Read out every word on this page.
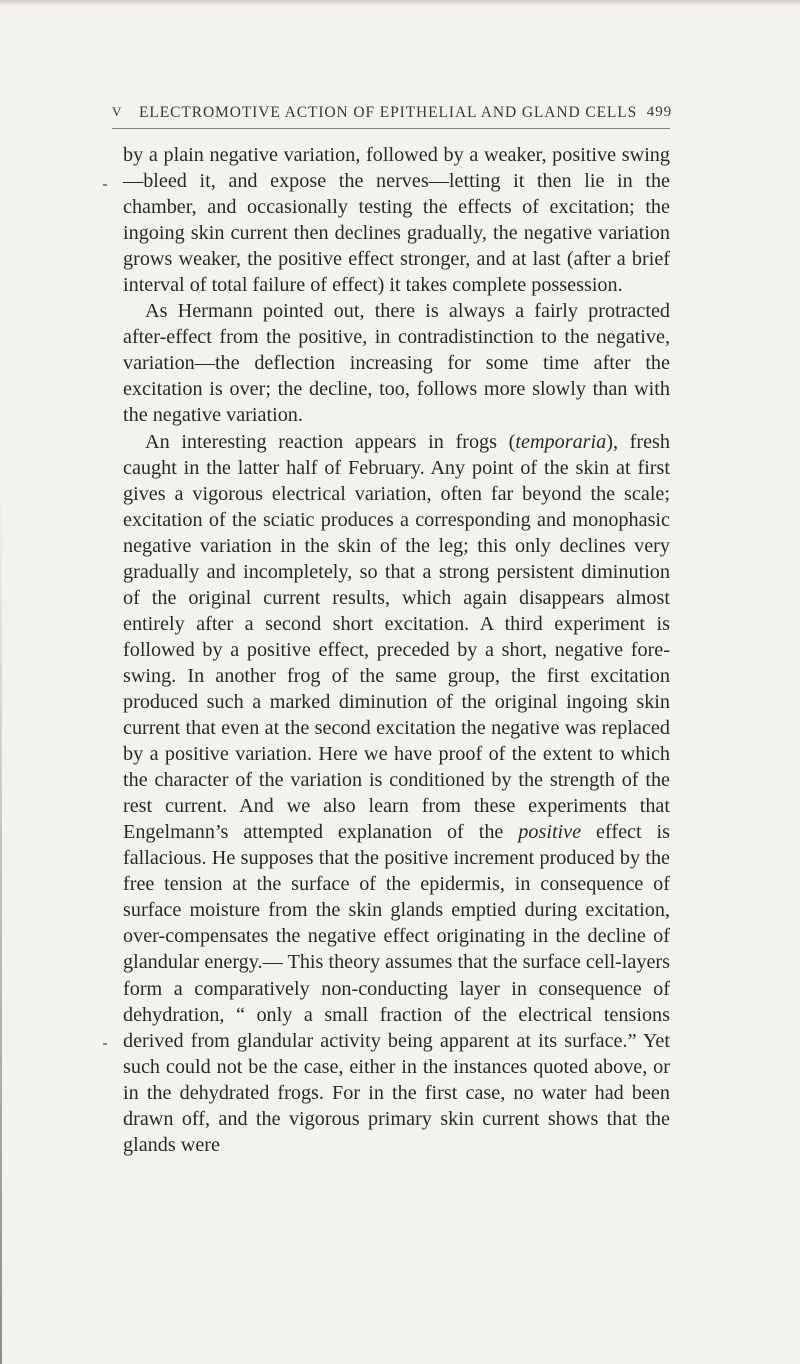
V ELECTROMOTIVE ACTION OF EPITHELIAL AND GLAND CELLS 499

by a plain negative variation, followed by a weaker, positive swing—bleed it, and expose the nerves—letting it then lie in the chamber, and occasionally testing the effects of excitation; the ingoing skin current then declines gradually, the negative variation grows weaker, the positive effect stronger, and at last (after a brief interval of total failure of effect) it takes complete possession.

As Hermann pointed out, there is always a fairly protracted after-effect from the positive, in contradistinction to the negative, variation—the deflection increasing for some time after the excitation is over; the decline, too, follows more slowly than with the negative variation.

An interesting reaction appears in frogs (temporaria), fresh caught in the latter half of February. Any point of the skin at first gives a vigorous electrical variation, often far beyond the scale; excitation of the sciatic produces a corresponding and monophasic negative variation in the skin of the leg; this only declines very gradually and incompletely, so that a strong persistent diminution of the original current results, which again disappears almost entirely after a second short excitation. A third experiment is followed by a positive effect, preceded by a short, negative fore-swing. In another frog of the same group, the first excitation produced such a marked diminution of the original ingoing skin current that even at the second excitation the negative was replaced by a positive variation. Here we have proof of the extent to which the character of the variation is conditioned by the strength of the rest current. And we also learn from these experiments that Engelmann’s attempted explanation of the positive effect is fallacious. He supposes that the positive increment produced by the free tension at the surface of the epidermis, in consequence of surface moisture from the skin glands emptied during excitation, over-compensates the negative effect originating in the decline of glandular energy.— This theory assumes that the surface cell-layers form a comparatively non-conducting layer in consequence of dehydration, “ only a small fraction of the electrical tensions derived from glandular activity being apparent at its surface.” Yet such could not be the case, either in the instances quoted above, or in the dehydrated frogs. For in the first case, no water had been drawn off, and the vigorous primary skin current shows that the glands were
